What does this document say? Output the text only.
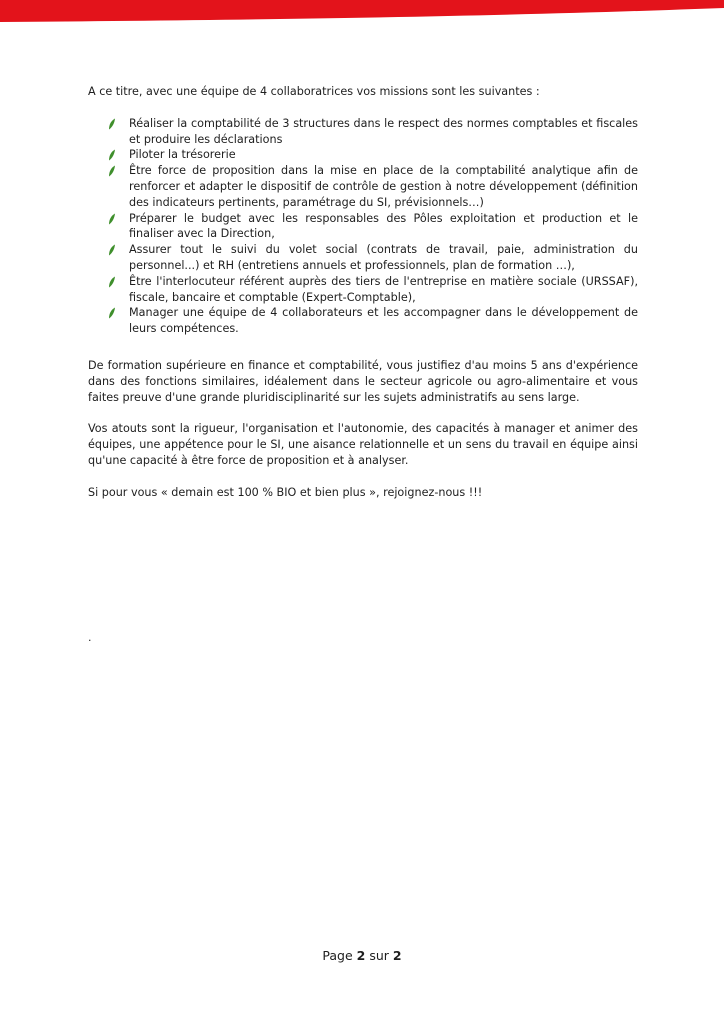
A ce titre, avec une équipe de 4 collaboratrices vos missions sont les suivantes :

Réaliser la comptabilité de 3 structures dans le respect des normes comptables et fiscales et produire les déclarations
Piloter la trésorerie
Être force de proposition dans la mise en place de la comptabilité analytique afin de renforcer et adapter le dispositif de contrôle de gestion à notre développement (définition des indicateurs pertinents, paramétrage du SI, prévisionnels…)
Préparer le budget avec les responsables des Pôles exploitation et production et le finaliser avec la Direction,
Assurer tout le suivi du volet social (contrats de travail, paie, administration du personnel...) et RH (entretiens annuels et professionnels, plan de formation …),
Être l'interlocuteur référent auprès des tiers de l'entreprise en matière sociale (URSSAF), fiscale, bancaire et comptable (Expert-Comptable),
Manager une équipe de 4 collaborateurs et les accompagner dans le développement de leurs compétences.

De formation supérieure en finance et comptabilité, vous justifiez d'au moins 5 ans d'expérience dans des fonctions similaires, idéalement dans le secteur agricole ou agro-alimentaire et vous faites preuve d'une grande pluridisciplinarité sur les sujets administratifs au sens large.

Vos atouts sont la rigueur, l'organisation et l'autonomie, des capacités à manager et animer des équipes, une appétence pour le SI, une aisance relationnelle et un sens du travail en équipe ainsi qu'une capacité à être force de proposition et à analyser.

Si pour vous « demain est 100 % BIO et bien plus », rejoignez-nous !!!

.
Page 2 sur 2
